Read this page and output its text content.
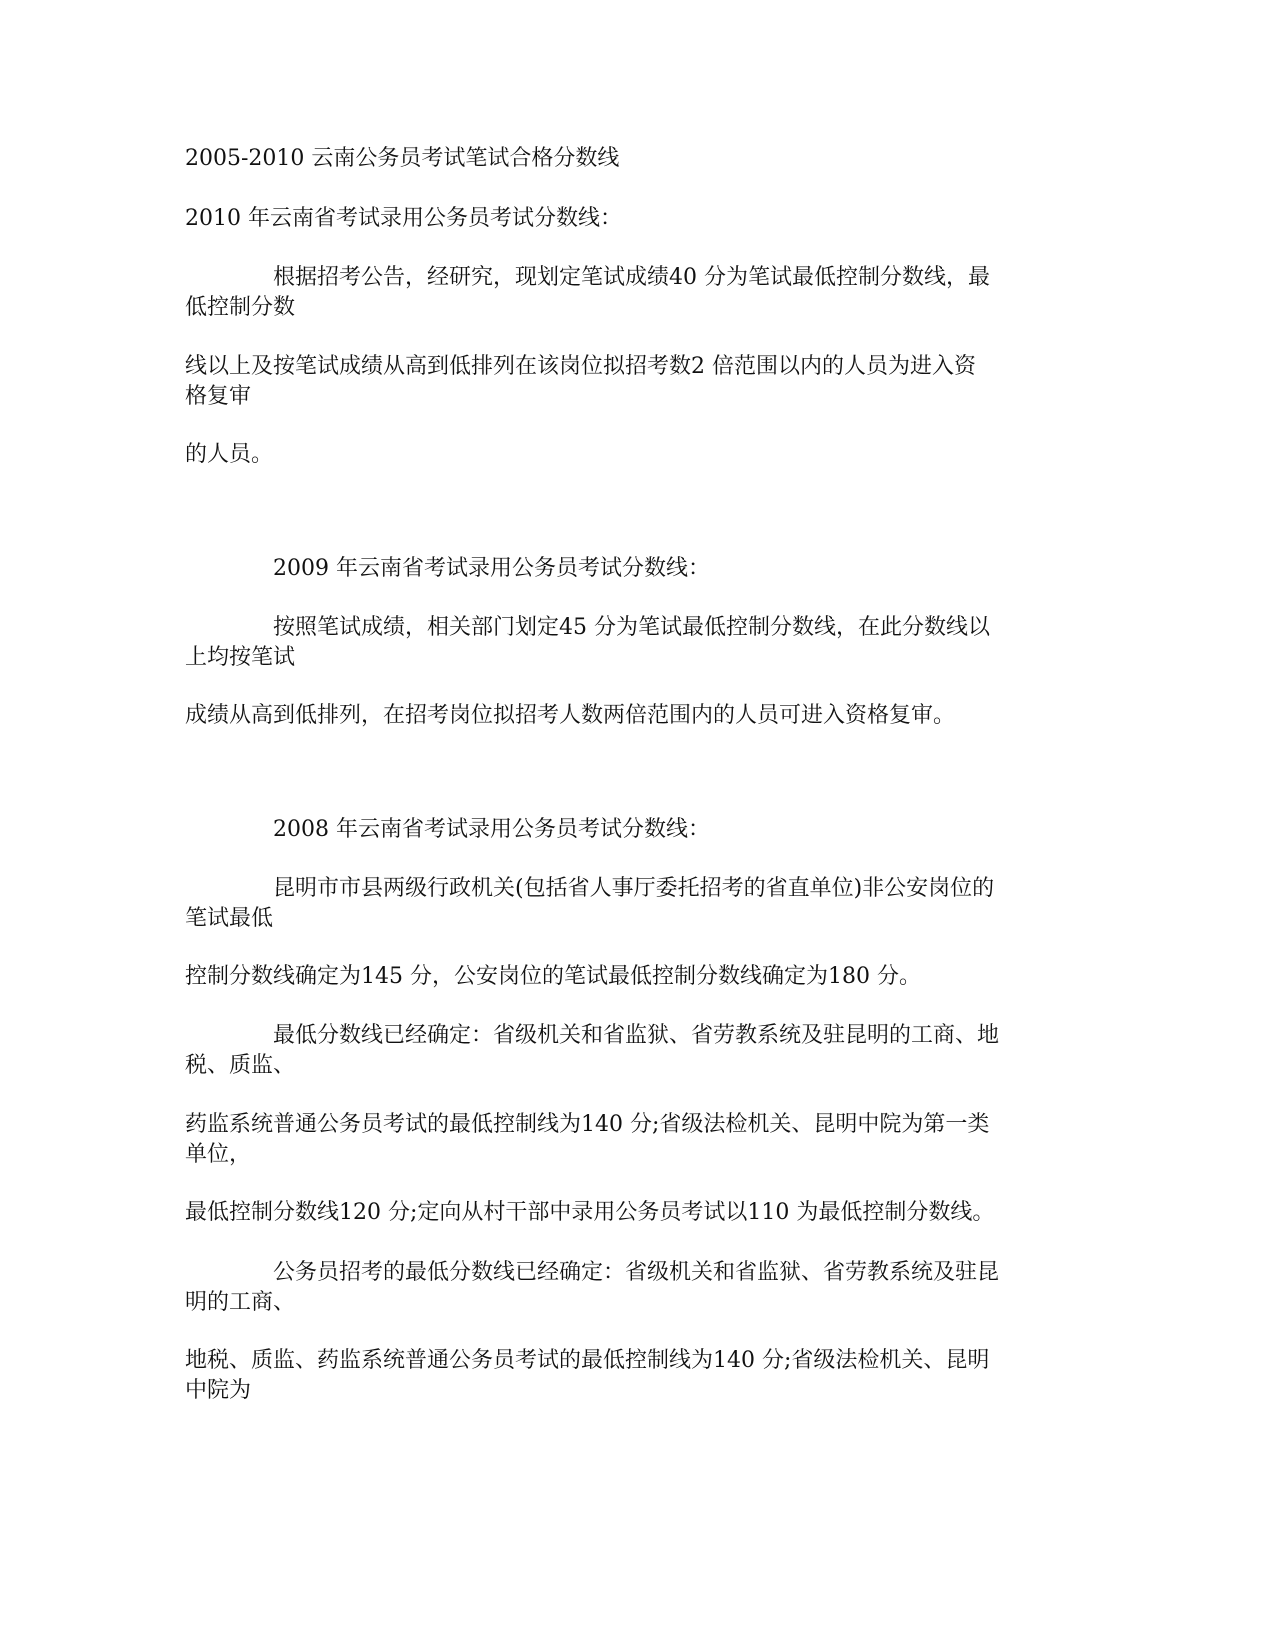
2005-2010 云南公务员考试笔试合格分数线
2010 年云南省考试录用公务员考试分数线：
根据招考公告，经研究，现划定笔试成绩40 分为笔试最低控制分数线，最
低控制分数
线以上及按笔试成绩从高到低排列在该岗位拟招考数2 倍范围以内的人员为进入资
格复审
的人员。
2009 年云南省考试录用公务员考试分数线：
按照笔试成绩，相关部门划定45 分为笔试最低控制分数线，在此分数线以
上均按笔试
成绩从高到低排列，在招考岗位拟招考人数两倍范围内的人员可进入资格复审。
2008 年云南省考试录用公务员考试分数线：
昆明市市县两级行政机关(包括省人事厅委托招考的省直单位)非公安岗位的
笔试最低
控制分数线确定为145 分，公安岗位的笔试最低控制分数线确定为180 分。
最低分数线已经确定：省级机关和省监狱、省劳教系统及驻昆明的工商、地
税、质监、
药监系统普通公务员考试的最低控制线为140 分;省级法检机关、昆明中院为第一类
单位，
最低控制分数线120 分;定向从村干部中录用公务员考试以110 为最低控制分数线。
公务员招考的最低分数线已经确定：省级机关和省监狱、省劳教系统及驻昆
明的工商、
地税、质监、药监系统普通公务员考试的最低控制线为140 分;省级法检机关、昆明
中院为
